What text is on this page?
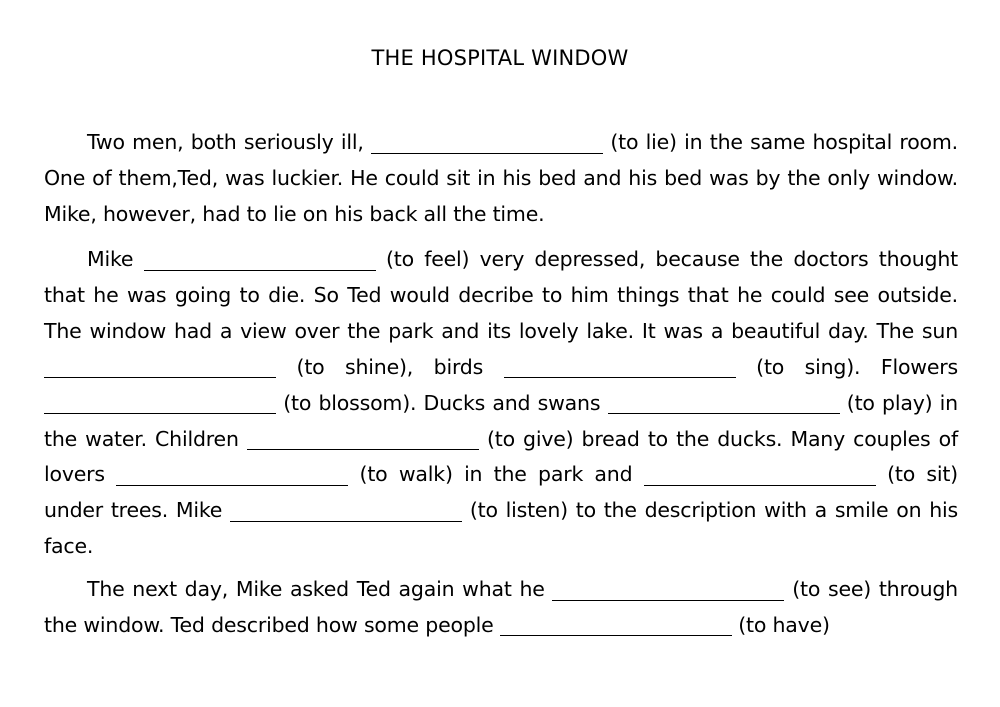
THE HOSPITAL WINDOW

Two men, both seriously ill,	(to lie) in the same hospital room. One of them,Ted, was luckier. He could sit in his bed and his bed was by the only window. Mike, however, had to lie on his back all the time.

Mike	(to feel) very depressed, because the doctors thought that he was going to die. So Ted would decribe to him things that he could see outside. The window had a view over the park and its lovely lake. It was a beautiful day. The sun  (to shine), birds	(to sing). Flowers  (to blossom). Ducks and swans	(to play) in the water. Children	(to give) bread to the ducks. Many couples of lovers	(to walk) in the park and	(to sit) under trees. Mike	(to listen) to the description with a smile on his face.

The next day, Mike asked Ted again what he	(to see) through the window. Ted described how some people	(to have)
